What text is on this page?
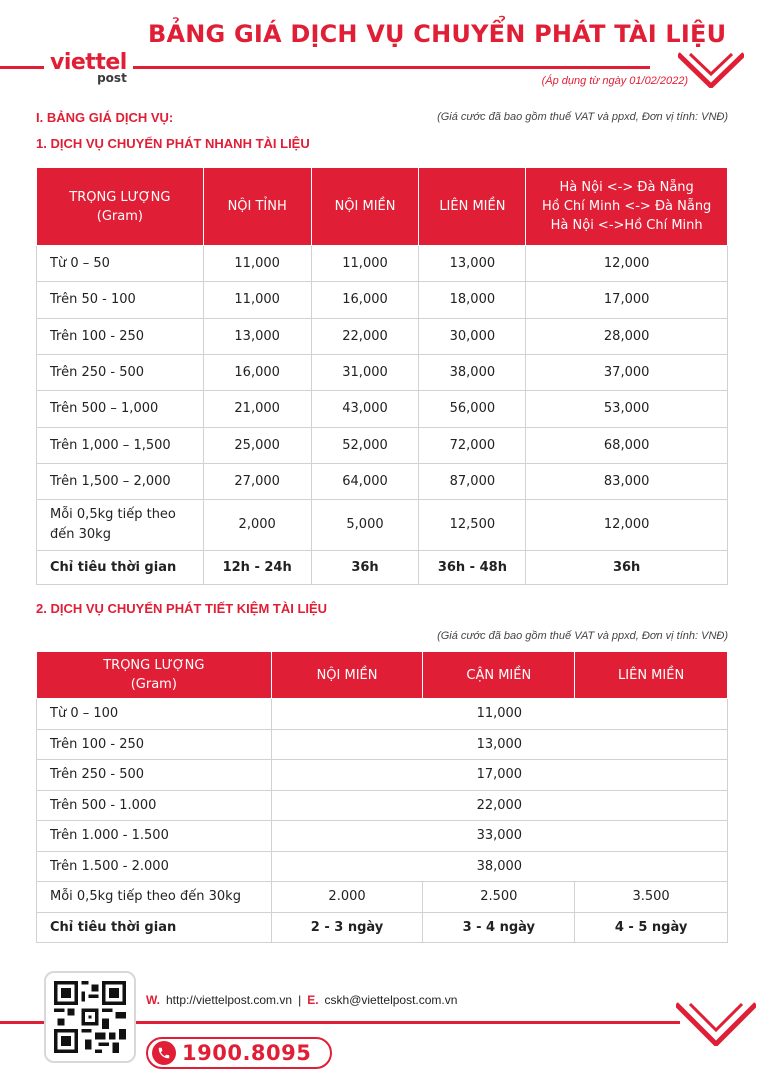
viettel
post
BẢNG GIÁ DỊCH VỤ CHUYỂN PHÁT TÀI LIỆU
(Áp dụng từ ngày 01/02/2022)
I. BẢNG GIÁ DỊCH VỤ:	(Giá cước đã bao gồm thuế VAT và ppxd, Đơn vị tính: VNĐ)
1. DỊCH VỤ CHUYỂN PHÁT NHANH TÀI LIỆU
TRỌNG LƯỢNG
(Gram)	NỘI TỈNH	NỘI MIỀN	LIÊN MIỀN	Hà Nội <-> Đà Nẵng
Hồ Chí Minh <-> Đà Nẵng
Hà Nội <->Hồ Chí Minh
Từ 0 – 50	11,000	11,000	13,000	12,000
Trên 50 - 100	11,000	16,000	18,000	17,000
Trên 100 - 250	13,000	22,000	30,000	28,000
Trên 250 - 500	16,000	31,000	38,000	37,000
Trên 500 – 1,000	21,000	43,000	56,000	53,000
Trên 1,000 – 1,500	25,000	52,000	72,000	68,000
Trên 1,500 – 2,000	27,000	64,000	87,000	83,000
Mỗi 0,5kg tiếp theo
đến 30kg	2,000	5,000	12,500	12,000
Chỉ tiêu thời gian	12h - 24h	36h	36h - 48h	36h
2. DỊCH VỤ CHUYỂN PHÁT TIẾT KIỆM TÀI LIỆU
(Giá cước đã bao gồm thuế VAT và ppxd, Đơn vị tính: VNĐ)
TRỌNG LƯỢNG
(Gram)	NỘI MIỀN	CẬN MIỀN	LIÊN MIỀN
Từ 0 – 100	11,000		
Trên 100 - 250	13,000		
Trên 250 - 500	17,000		
Trên 500 - 1.000	22,000		
Trên 1.000 - 1.500	33,000		
Trên 1.500 - 2.000	38,000		
Mỗi 0,5kg tiếp theo đến 30kg	2.000	2.500	3.500
Chỉ tiêu thời gian	2 - 3 ngày	3 - 4 ngày	4 - 5 ngày
W. http://viettelpost.com.vn | E. cskh@viettelpost.com.vn
1900.8095
